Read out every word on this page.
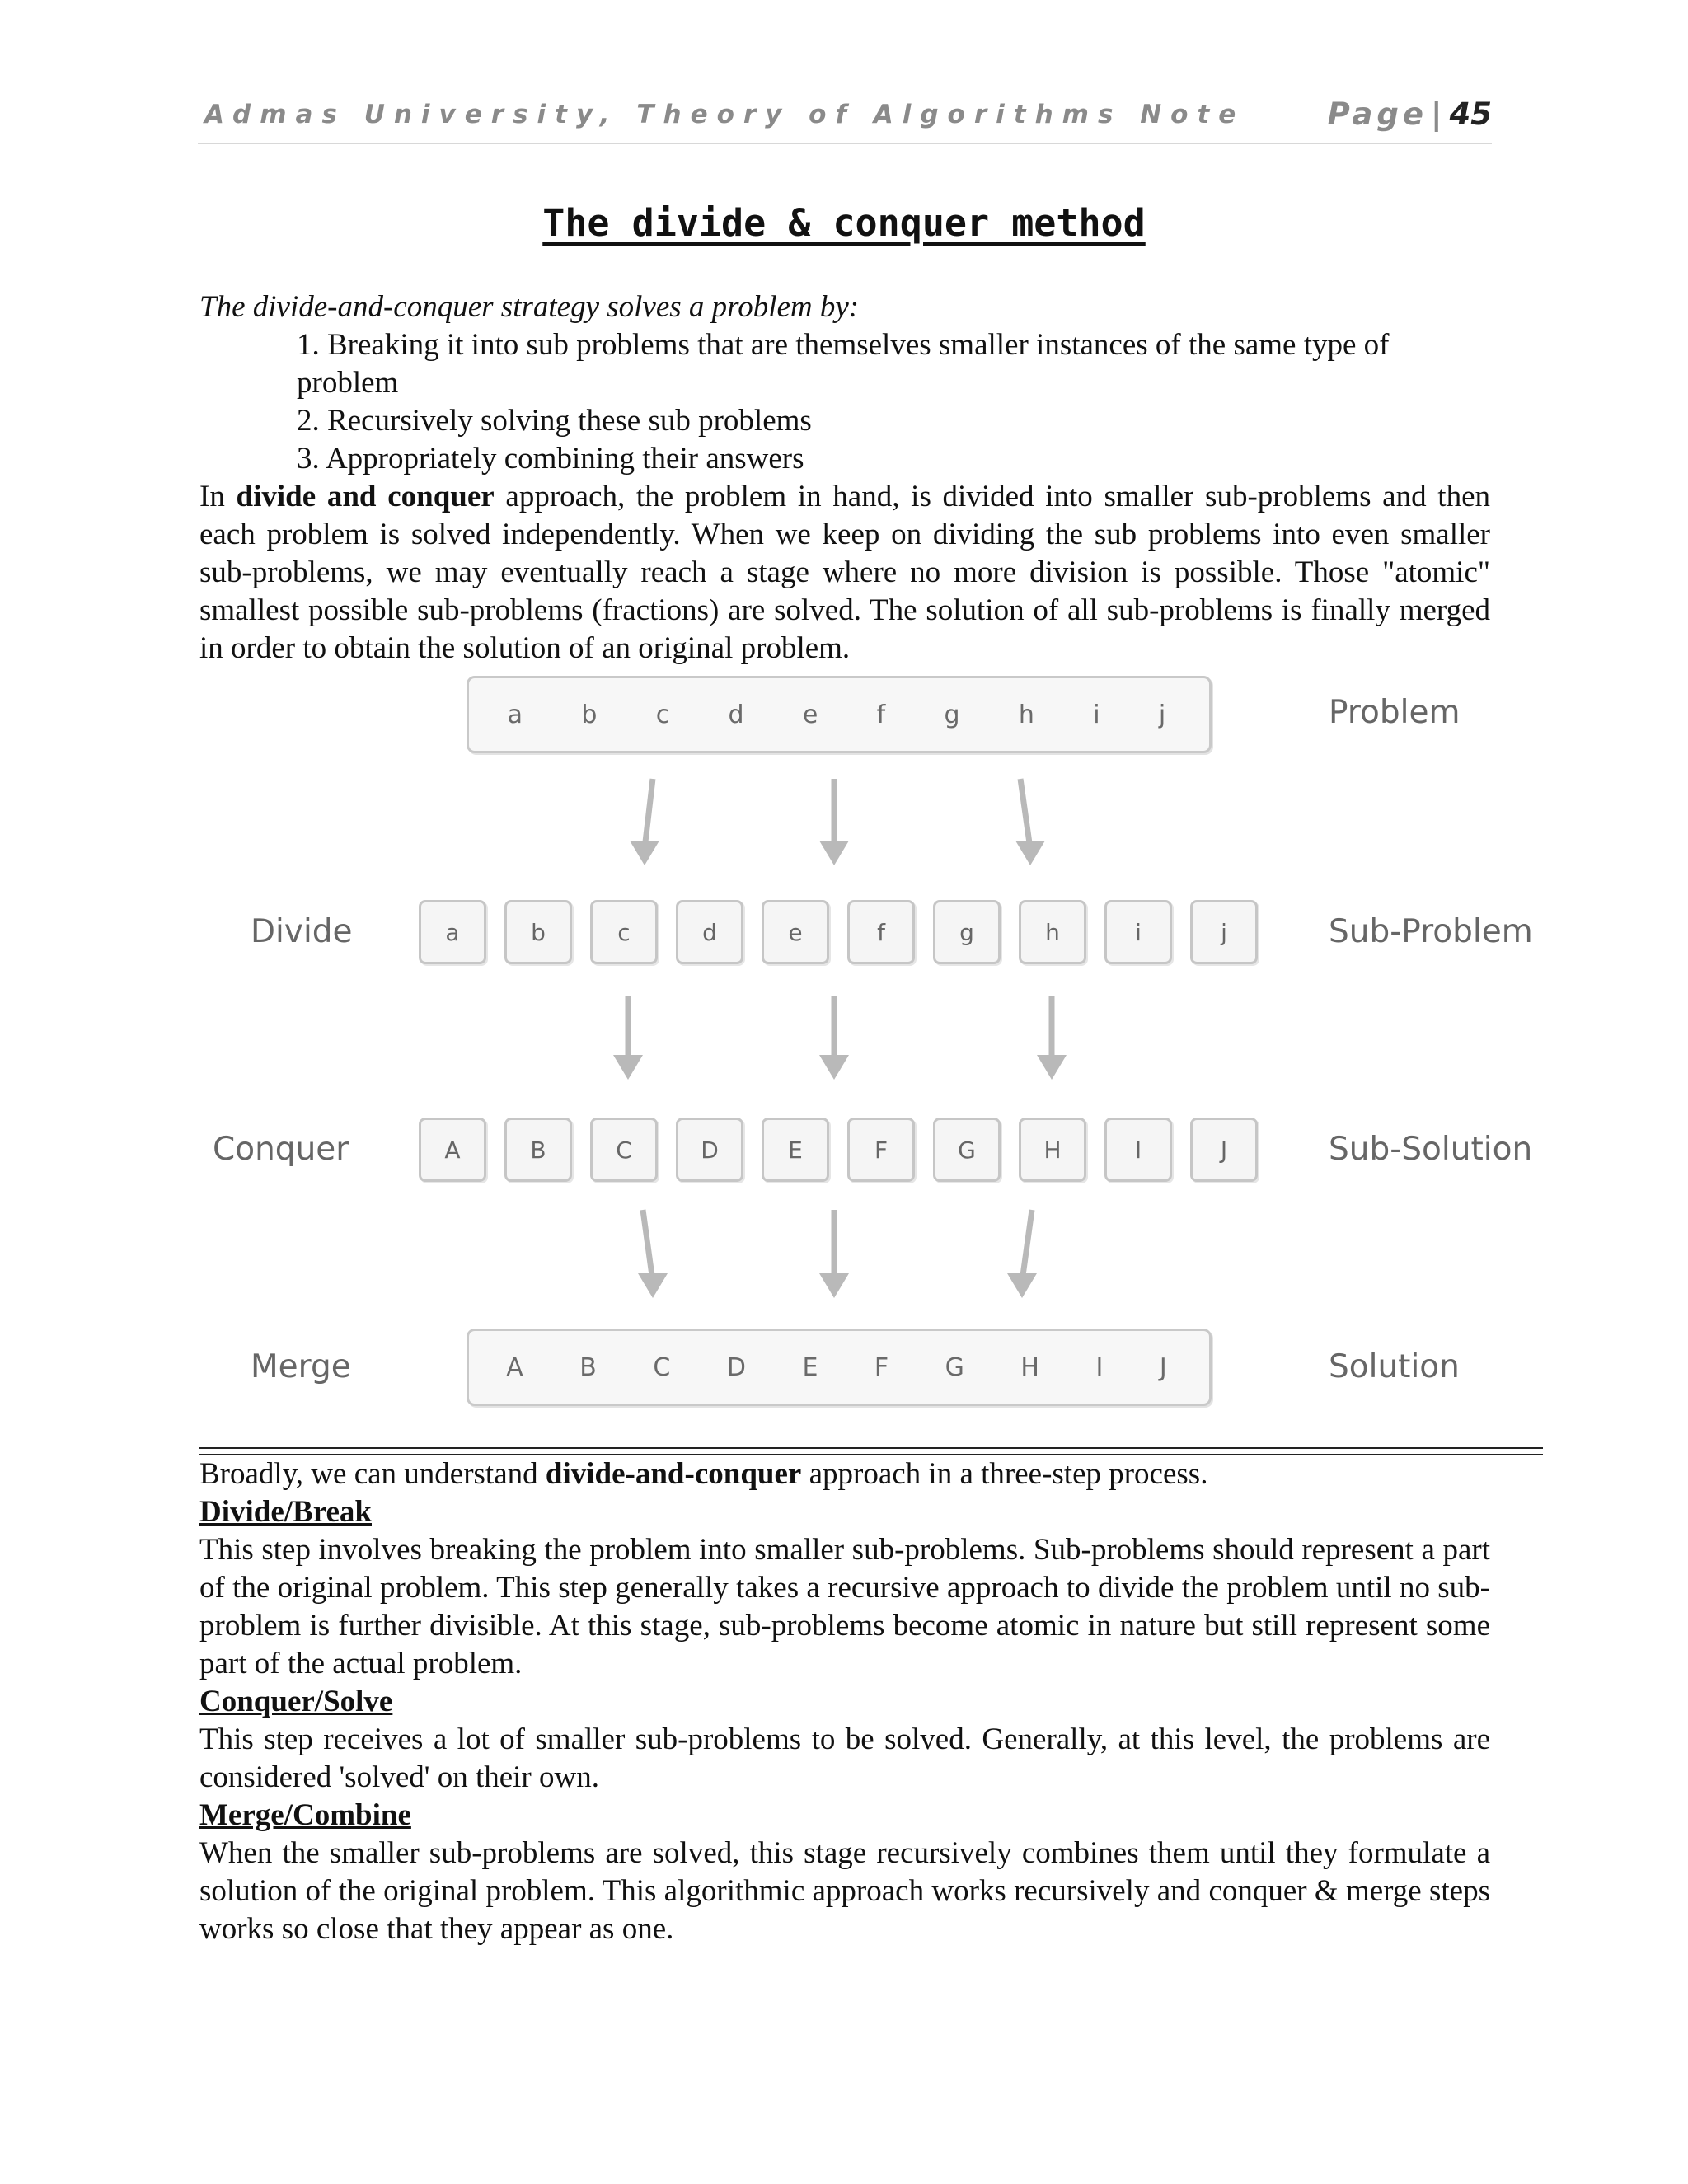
Admas University, Theory of Algorithms Note	Page | 45
The divide & conquer method
The divide-and-conquer strategy solves a problem by:
1. Breaking it into sub problems that are themselves smaller instances of the same type of problem
2. Recursively solving these sub problems
3. Appropriately combining their answers
In divide and conquer approach, the problem in hand, is divided into smaller sub-problems and then each problem is solved independently. When we keep on dividing the sub problems into even smaller sub-problems, we may eventually reach a stage where no more division is possible. Those "atomic" smallest possible sub-problems (fractions) are solved. The solution of all sub-problems is finally merged in order to obtain the solution of an original problem.
a b c d e f g h i j	Problem
Divide	a	b	c	d	e	f	g	h	i	j	Sub-Problem
Conquer	A	B	C	D	E	F	G	H	I	J	Sub-Solution
Merge	A B C D E F G H I J	Solution
Broadly, we can understand divide-and-conquer approach in a three-step process.
Divide/Break
This step involves breaking the problem into smaller sub-problems. Sub-problems should represent a part of the original problem. This step generally takes a recursive approach to divide the problem until no sub-problem is further divisible. At this stage, sub-problems become atomic in nature but still represent some part of the actual problem.
Conquer/Solve
This step receives a lot of smaller sub-problems to be solved. Generally, at this level, the problems are considered 'solved' on their own.
Merge/Combine
When the smaller sub-problems are solved, this stage recursively combines them until they formulate a solution of the original problem. This algorithmic approach works recursively and conquer & merge steps works so close that they appear as one.
